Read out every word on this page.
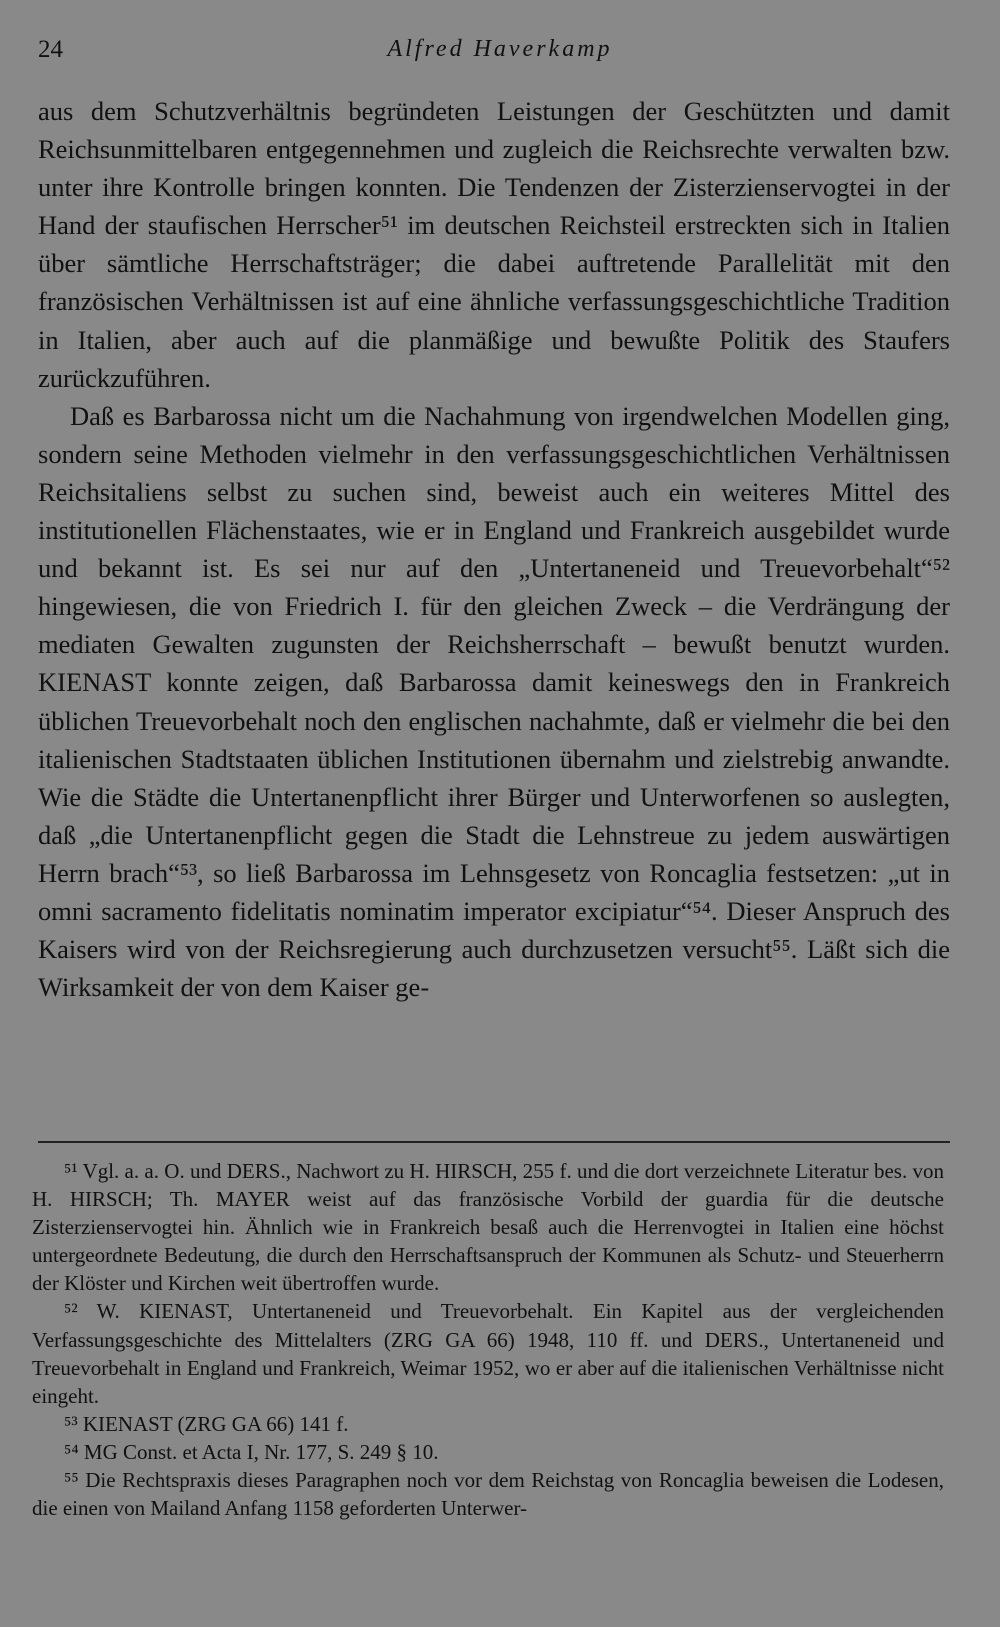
24	Alfred Haverkamp

aus dem Schutzverhältnis begründeten Leistungen der Geschützten und damit Reichsunmittelbaren entgegennehmen und zugleich die Reichsrechte verwalten bzw. unter ihre Kontrolle bringen konnten. Die Tendenzen der Zisterzienservogtei in der Hand der staufischen Herrscher⁵¹ im deutschen Reichsteil erstreckten sich in Italien über sämtliche Herrschaftsträger; die dabei auftretende Parallelität mit den französischen Verhältnissen ist auf eine ähnliche verfassungsgeschichtliche Tradition in Italien, aber auch auf die planmäßige und bewußte Politik des Staufers zurückzuführen.

Daß es Barbarossa nicht um die Nachahmung von irgendwelchen Modellen ging, sondern seine Methoden vielmehr in den verfassungsgeschichtlichen Verhältnissen Reichsitaliens selbst zu suchen sind, beweist auch ein weiteres Mittel des institutionellen Flächenstaates, wie er in England und Frankreich ausgebildet wurde und bekannt ist. Es sei nur auf den „Untertaneneid und Treuevorbehalt“⁵² hingewiesen, die von Friedrich I. für den gleichen Zweck – die Verdrängung der mediaten Gewalten zugunsten der Reichsherrschaft – bewußt benutzt wurden. KIENAST konnte zeigen, daß Barbarossa damit keineswegs den in Frankreich üblichen Treuevorbehalt noch den englischen nachahmte, daß er vielmehr die bei den italienischen Stadtstaaten üblichen Institutionen übernahm und zielstrebig anwandte. Wie die Städte die Untertanenpflicht ihrer Bürger und Unterworfenen so auslegten, daß „die Untertanenpflicht gegen die Stadt die Lehnstreue zu jedem auswärtigen Herrn brach“⁵³, so ließ Barbarossa im Lehnsgesetz von Roncaglia festsetzen: „ut in omni sacramento fidelitatis nominatim imperator excipiatur“⁵⁴. Dieser Anspruch des Kaisers wird von der Reichsregierung auch durchzusetzen versucht⁵⁵. Läßt sich die Wirksamkeit der von dem Kaiser ge-

⁵¹ Vgl. a. a. O. und DERS., Nachwort zu H. HIRSCH, 255 f. und die dort verzeichnete Literatur bes. von H. HIRSCH; Th. MAYER weist auf das französische Vorbild der guardia für die deutsche Zisterzienservogtei hin. Ähnlich wie in Frankreich besaß auch die Herrenvogtei in Italien eine höchst untergeordnete Bedeutung, die durch den Herrschaftsanspruch der Kommunen als Schutz- und Steuerherrn der Klöster und Kirchen weit übertroffen wurde.

⁵² W. KIENAST, Untertaneneid und Treuevorbehalt. Ein Kapitel aus der vergleichenden Verfassungsgeschichte des Mittelalters (ZRG GA 66) 1948, 110 ff. und DERS., Untertaneneid und Treuevorbehalt in England und Frankreich, Weimar 1952, wo er aber auf die italienischen Verhältnisse nicht eingeht.

⁵³ KIENAST (ZRG GA 66) 141 f.

⁵⁴ MG Const. et Acta I, Nr. 177, S. 249 § 10.

⁵⁵ Die Rechtspraxis dieses Paragraphen noch vor dem Reichstag von Roncaglia beweisen die Lodesen, die einen von Mailand Anfang 1158 geforderten Unterwer-
